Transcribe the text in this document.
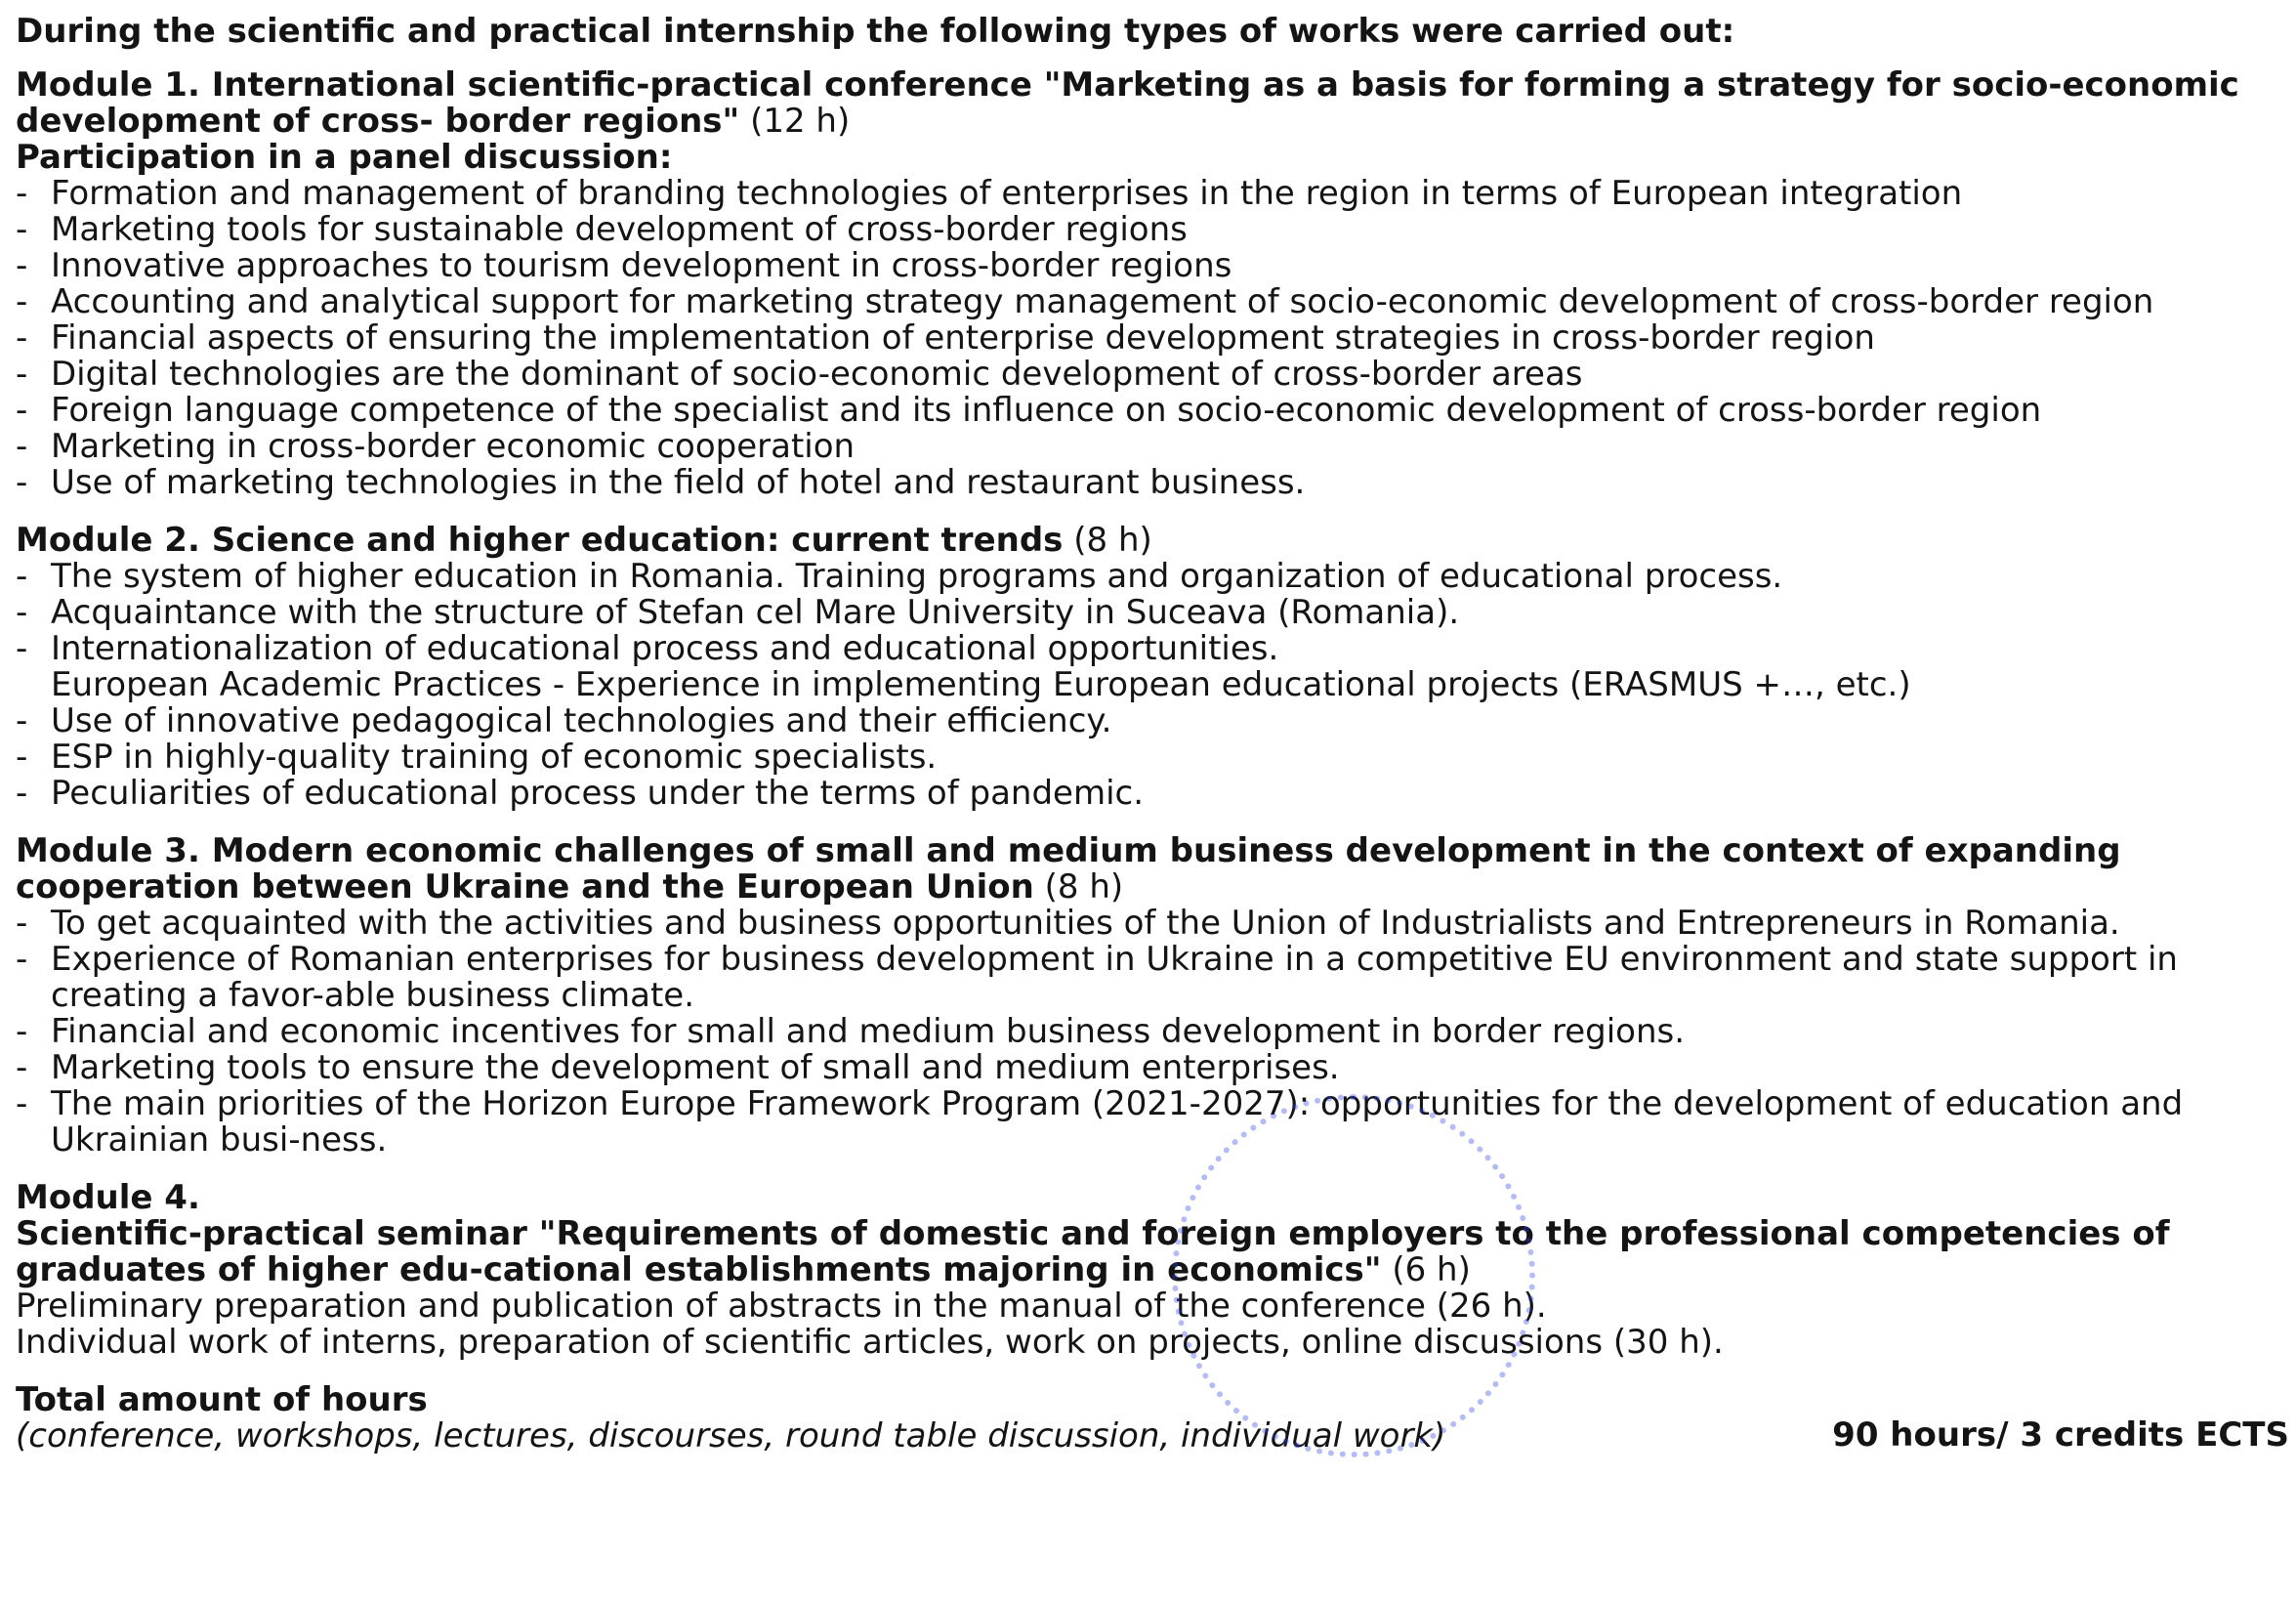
During the scientific and practical internship the following types of works were carried out:
Module 1. International scientific-practical conference "Marketing as a basis for forming a strategy for socio-economic development of cross- border regions" (12 h)
Participation in a panel discussion:
- Formation and management of branding technologies of enterprises in the region in terms of European integration
- Marketing tools for sustainable development of cross-border regions
- Innovative approaches to tourism development in cross-border regions
- Accounting and analytical support for marketing strategy management of socio-economic development of cross-border region
- Financial aspects of ensuring the implementation of enterprise development strategies in cross-border region
- Digital technologies are the dominant of socio-economic development of cross-border areas
- Foreign language competence of the specialist and its influence on socio-economic development of cross-border region
- Marketing in cross-border economic cooperation
- Use of marketing technologies in the field of hotel and restaurant business.
Module 2. Science and higher education: current trends (8 h)
- The system of higher education in Romania. Training programs and organization of educational process.
- Acquaintance with the structure of Stefan cel Mare University in Suceava (Romania).
- Internationalization of educational process and educational opportunities.
European Academic Practices - Experience in implementing European educational projects (ERASMUS +…, etc.)
- Use of innovative pedagogical technologies and their efficiency.
- ESP in highly-quality training of economic specialists.
- Peculiarities of educational process under the terms of pandemic.
Module 3. Modern economic challenges of small and medium business development in the context of expanding cooperation between Ukraine and the European Union (8 h)
- To get acquainted with the activities and business opportunities of the Union of Industrialists and Entrepreneurs in Romania.
- Experience of Romanian enterprises for business development in Ukraine in a competitive EU environment and state support in creating a favor-able business climate.
- Financial and economic incentives for small and medium business development in border regions.
- Marketing tools to ensure the development of small and medium enterprises.
- The main priorities of the Horizon Europe Framework Program (2021-2027): opportunities for the development of education and Ukrainian busi-ness.
Module 4.
Scientific-practical seminar "Requirements of domestic and foreign employers to the professional competencies of graduates of higher edu-cational establishments majoring in economics" (6 h)
Preliminary preparation and publication of abstracts in the manual of the conference (26 h).
Individual work of interns, preparation of scientific articles, work on projects, online discussions (30 h).
Total amount of hours
(conference, workshops, lectures, discourses, round table discussion, individual work)	90 hours/ 3 credits ECTS
